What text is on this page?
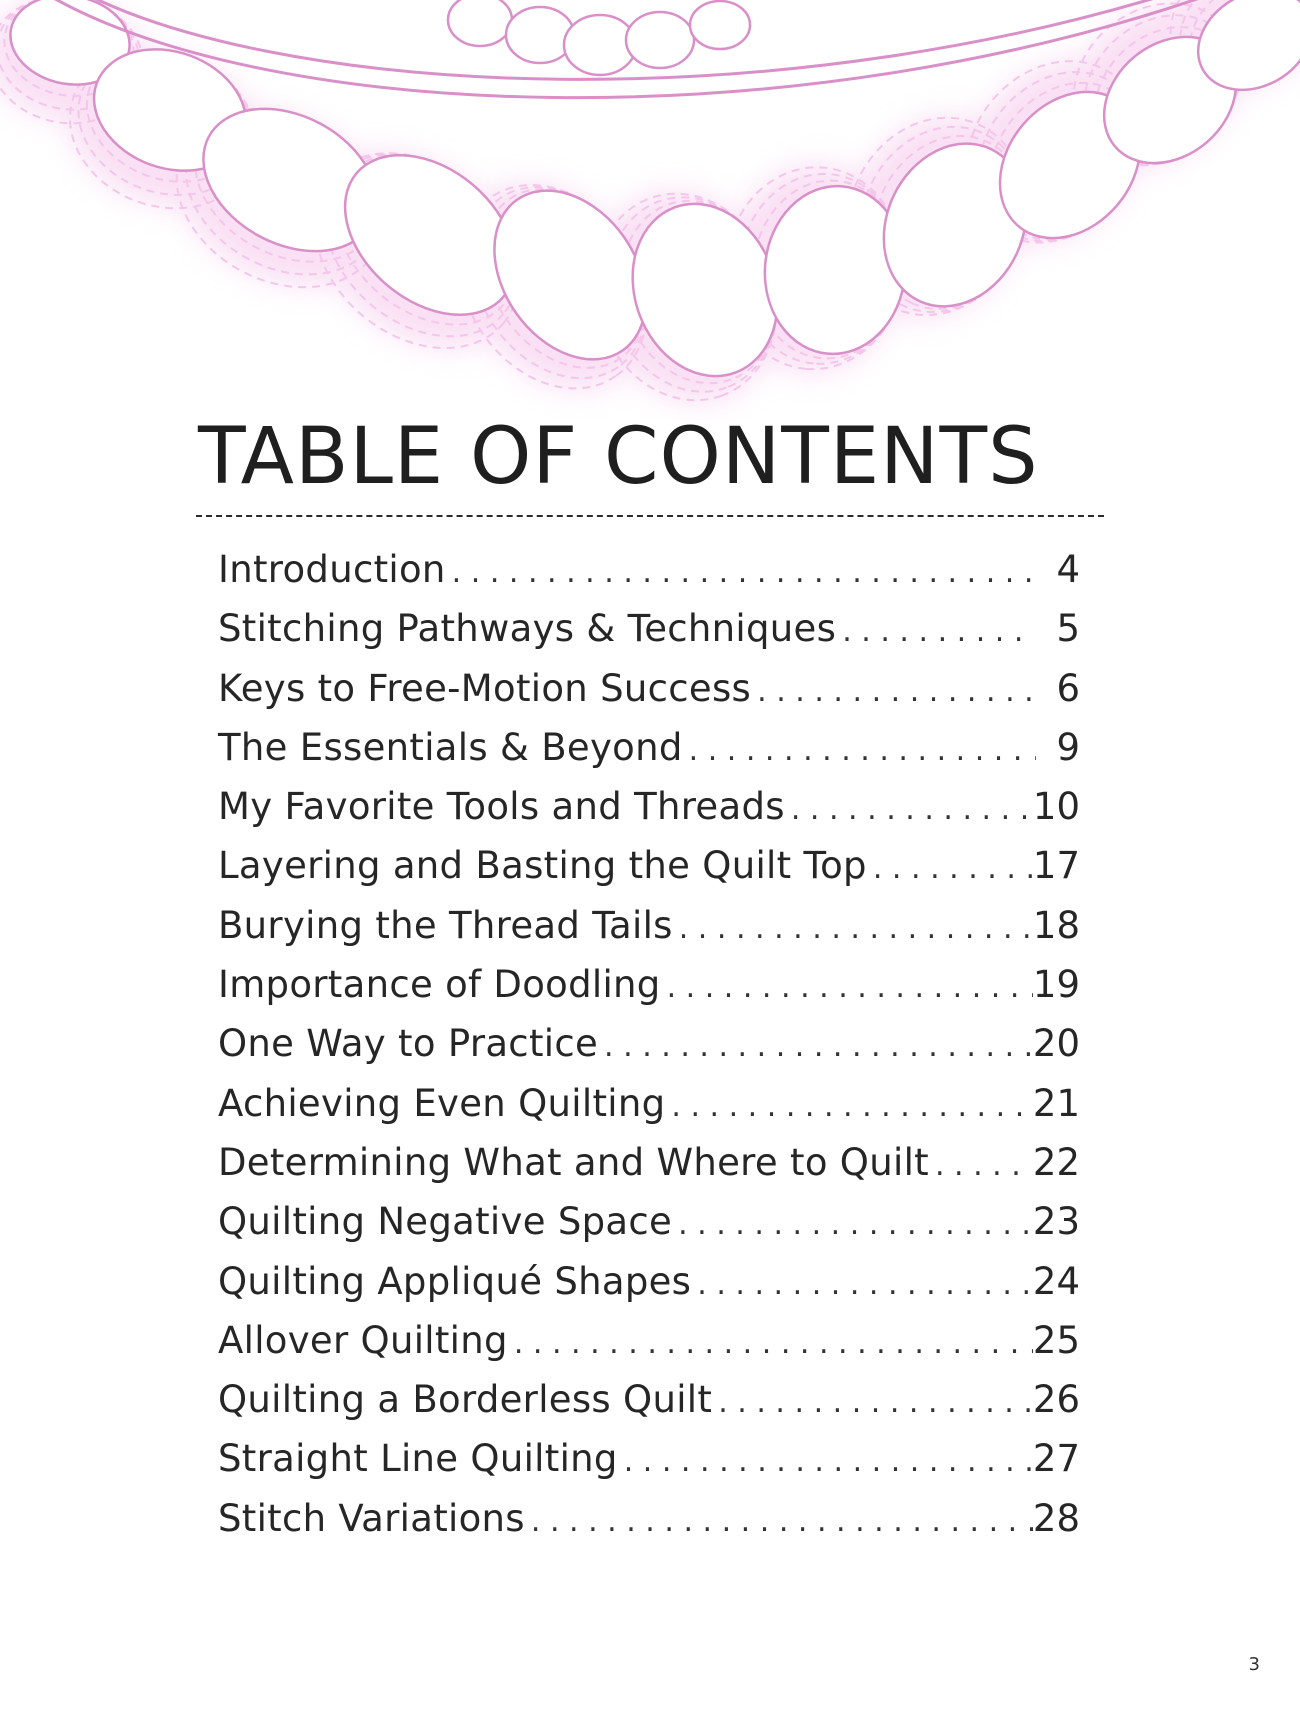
TABLE OF CONTENTS
Introduction . . .	4
Stitching Pathways & Techniques . . .	5
Keys to Free-Motion Success . . .	6
The Essentials & Beyond . . .	9
My Favorite Tools and Threads . . .	10
Layering and Basting the Quilt Top . . .	17
Burying the Thread Tails . . .	18
Importance of Doodling . . .	19
One Way to Practice . . .	20
Achieving Even Quilting . . .	21
Determining What and Where to Quilt . . .	22
Quilting Negative Space . . .	23
Quilting Appliqué Shapes . . .	24
Allover Quilting . . .	25
Quilting a Borderless Quilt . . .	26
Straight Line Quilting . . .	27
Stitch Variations . . .	28
3
